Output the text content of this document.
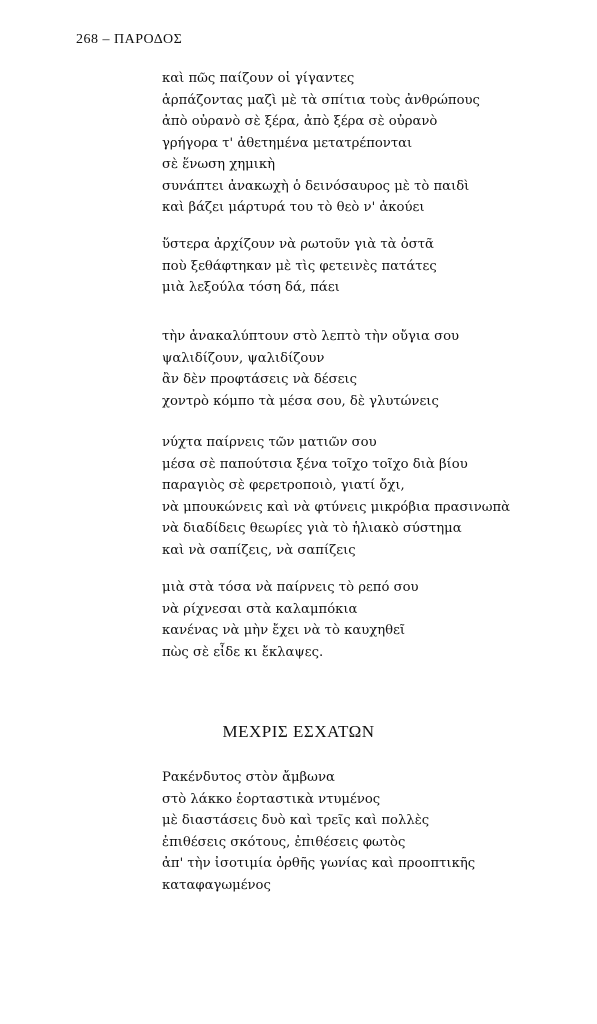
268 – ΠΑΡΟΔΟΣ
καὶ πῶς παίζουν οἱ γίγαντες
ἁρπάζοντας μαζὶ μὲ τὰ σπίτια τοὺς ἀνθρώπους
ἀπὸ οὐρανὸ σὲ ξέρα, ἀπὸ ξέρα σὲ οὐρανὸ
γρήγορα τ' ἀθετημένα μετατρέπονται
σὲ ἕνωση χημικὴ
συνάπτει ἀνακωχὴ ὁ δεινόσαυρος μὲ τὸ παιδὶ
καὶ βάζει μάρτυρά του τὸ θεὸ ν' ἀκούει
ὕστερα ἀρχίζουν νὰ ρωτοῦν γιὰ τὰ ὀστᾶ
ποὺ ξεθάφτηκαν μὲ τὶς φετεινὲς πατάτες
μιὰ λεξούλα τόση δά, πάει
τὴν ἀνακαλύπτουν στὸ λεπτὸ τὴν οὔγια σου
ψαλιδίζουν, ψαλιδίζουν
ἂν δὲν προφτάσεις νὰ δέσεις
χοντρὸ κόμπο τὰ μέσα σου, δὲ γλυτώνεις
νύχτα παίρνεις τῶν ματιῶν σου
μέσα σὲ παπούτσια ξένα τοῖχο τοῖχο διὰ βίου
παραγιὸς σὲ φερετροποιὸ, γιατί ὄχι,
νὰ μπουκώνεις καὶ νὰ φτύνεις μικρόβια πρασινωπὰ
νὰ διαδίδεις θεωρίες γιὰ τὸ ἡλιακὸ σύστημα
καὶ νὰ σαπίζεις, νὰ σαπίζεις
μιὰ στὰ τόσα νὰ παίρνεις τὸ ρεπό σου
νὰ ρίχνεσαι στὰ καλαμπόκια
κανένας νὰ μὴν ἔχει νὰ τὸ καυχηθεῖ
πὼς σὲ εἶδε κι ἔκλαψες.
ΜΕΧΡΙΣ ΕΣΧΑΤΩΝ
Ρακένδυτος στὸν ἄμβωνα
στὸ λάκκο ἑορταστικὰ ντυμένος
μὲ διαστάσεις δυὸ καὶ τρεῖς καὶ πολλὲς
ἐπιθέσεις σκότους, ἐπιθέσεις φωτὸς
ἀπ' τὴν ἰσοτιμία ὀρθῆς γωνίας καὶ προοπτικῆς
καταφαγωμένος
